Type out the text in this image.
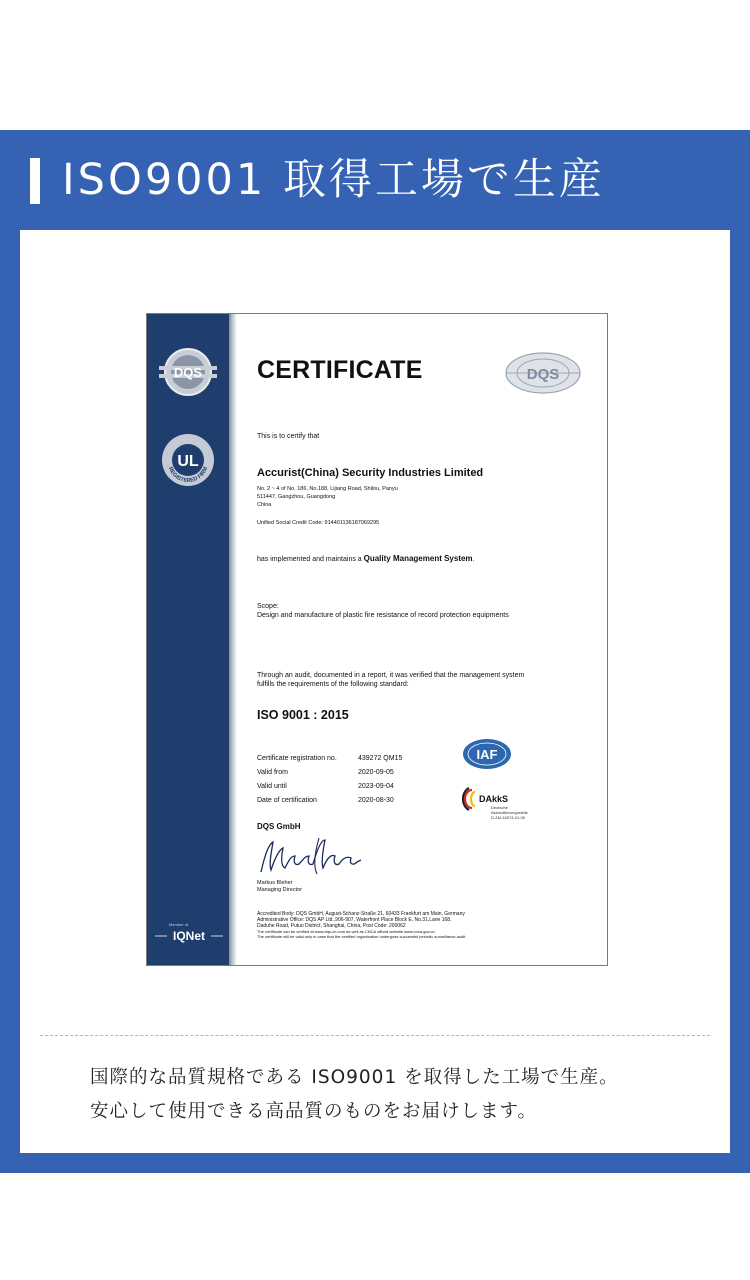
ISO9001 取得工場で生産
DQS
UL
REGISTERED FIRM
Member of
IQNet
CERTIFICATE	DQS
This is to certify that
Accurist(China) Security Industries Limited
No. 2 ~ 4 of No. 186, No.188, Lijiang Road, Shilou, Panyu
511447, Gangzhou, Guangdong
China
Unified Social Credit Code: 914401136187069295
has implemented and maintains a Quality Management System.
Scope:
Design and manufacture of plastic fire resistance of record protection equipments
Through an audit, documented in a report, it was verified that the management system
fulfills the requirements of the following standard:
ISO 9001 : 2015
Certificate registration no.	439272 QM15
Valid from	2020-09-05
Valid until	2023-09-04
Date of certification	2020-08-30
IAF
DAkkS
Deutsche
Akkreditierungsstelle
D-ZM-16074-01-00
DQS GmbH
Markus Bleher
Managing Director
Accredited Body: DQS GmbH, August-Schanz-Straße 21, 60433 Frankfurt am Main, Germany
Administrative Office: DQS AP Ltd.,906-907, Waterfront Place Block E, No.31,Lane 168,
Daduhe Road, Putuo District, Shanghai, China, Post Code: 200062
The certificate can be verified at www.dqs-cn.com as well as CNCA official website www.cnca.gov.cn
The certificate will be valid only in case that the certified organization undergoes successful periodic surveillance audit.
国際的な品質規格である ISO9001 を取得した工場で生産。
安心して使用できる高品質のものをお届けします。
